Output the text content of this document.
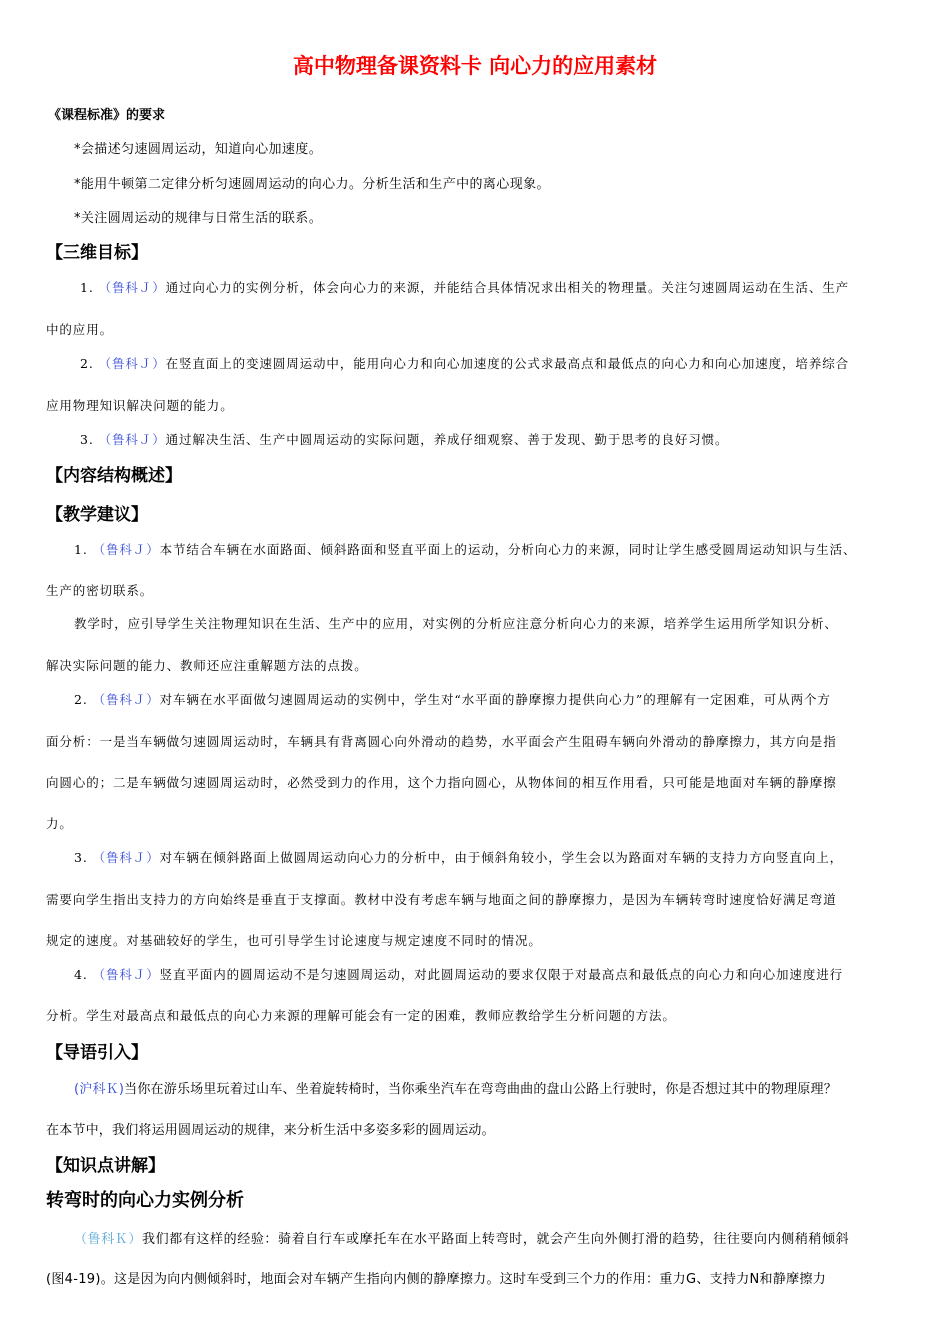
高中物理备课资料卡 向心力的应用素材
《课程标准》的要求
*会描述匀速圆周运动，知道向心加速度。
*能用牛顿第二定律分析匀速圆周运动的向心力。分析生活和生产中的离心现象。
*关注圆周运动的规律与日常生活的联系。
【三维目标】
1. （鲁科Ｊ）通过向心力的实例分析，体会向心力的来源，并能结合具体情况求出相关的物理量。关注匀速圆周运动在生活、生产
中的应用。
2. （鲁科Ｊ）在竖直面上的变速圆周运动中，能用向心力和向心加速度的公式求最高点和最低点的向心力和向心加速度，培养综合
应用物理知识解决问题的能力。
3. （鲁科Ｊ）通过解决生活、生产中圆周运动的实际问题，养成仔细观察、善于发现、勤于思考的良好习惯。
【内容结构概述】
【教学建议】
1. （鲁科Ｊ）本节结合车辆在水面路面、倾斜路面和竖直平面上的运动，分析向心力的来源，同时让学生感受圆周运动知识与生活、
生产的密切联系。
教学时，应引导学生关注物理知识在生活、生产中的应用，对实例的分析应注意分析向心力的来源，培养学生运用所学知识分析、
解决实际问题的能力、教师还应注重解题方法的点拨。
2. （鲁科Ｊ）对车辆在水平面做匀速圆周运动的实例中，学生对“水平面的静摩擦力提供向心力”的理解有一定困难，可从两个方
面分析：一是当车辆做匀速圆周运动时，车辆具有背离圆心向外滑动的趋势，水平面会产生阻碍车辆向外滑动的静摩擦力，其方向是指
向圆心的；二是车辆做匀速圆周运动时，必然受到力的作用，这个力指向圆心，从物体间的相互作用看，只可能是地面对车辆的静摩擦
力。
3. （鲁科Ｊ）对车辆在倾斜路面上做圆周运动向心力的分析中，由于倾斜角较小，学生会以为路面对车辆的支持力方向竖直向上，
需要向学生指出支持力的方向始终是垂直于支撑面。教材中没有考虑车辆与地面之间的静摩擦力，是因为车辆转弯时速度恰好满足弯道
规定的速度。对基础较好的学生，也可引导学生讨论速度与规定速度不同时的情况。
4. （鲁科Ｊ）竖直平面内的圆周运动不是匀速圆周运动，对此圆周运动的要求仅限于对最高点和最低点的向心力和向心加速度进行
分析。学生对最高点和最低点的向心力来源的理解可能会有一定的困难，教师应教给学生分析问题的方法。
【导语引入】
(沪科Ｋ)当你在游乐场里玩着过山车、坐着旋转椅时，当你乘坐汽车在弯弯曲曲的盘山公路上行驶时，你是否想过其中的物理原理？
在本节中，我们将运用圆周运动的规律，来分析生活中多姿多彩的圆周运动。
【知识点讲解】
转弯时的向心力实例分析
（鲁科Ｋ）我们都有这样的经验：骑着自行车或摩托车在水平路面上转弯时，就会产生向外侧打滑的趋势，往往要向内侧稍稍倾斜
(图4-19)。这是因为向内侧倾斜时，地面会对车辆产生指向内侧的静摩擦力。这时车受到三个力的作用：重力G、支持力N和静摩擦力
